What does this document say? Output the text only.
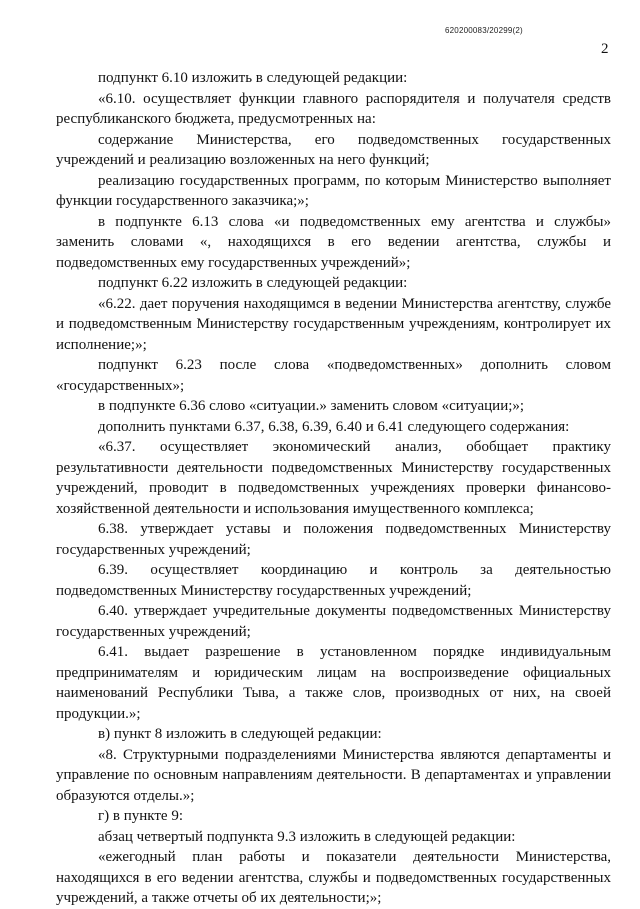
620200083/20299(2)
2

подпункт 6.10 изложить в следующей редакции:

«6.10. осуществляет функции главного распорядителя и получателя средств республиканского бюджета, предусмотренных на:

содержание Министерства, его подведомственных государственных учреждений и реализацию возложенных на него функций;

реализацию государственных программ, по которым Министерство выполняет функции государственного заказчика;»;

в подпункте 6.13 слова «и подведомственных ему агентства и службы» заменить словами «, находящихся в его ведении агентства, службы и подведомственных ему государственных учреждений»;

подпункт 6.22 изложить в следующей редакции:

«6.22. дает поручения находящимся в ведении Министерства агентству, службе и подведомственным Министерству государственным учреждениям, контролирует их исполнение;»;

подпункт 6.23 после слова «подведомственных» дополнить словом «государственных»;

в подпункте 6.36 слово «ситуации.» заменить словом «ситуации;»;

дополнить пунктами 6.37, 6.38, 6.39, 6.40 и 6.41 следующего содержания:

«6.37. осуществляет экономический анализ, обобщает практику результативности деятельности подведомственных Министерству государственных учреждений, проводит в подведомственных учреждениях проверки финансово-хозяйственной деятельности и использования имущественного комплекса;

6.38. утверждает уставы и положения подведомственных Министерству государственных учреждений;

6.39. осуществляет координацию и контроль за деятельностью подведомственных Министерству государственных учреждений;

6.40. утверждает учредительные документы подведомственных Министерству государственных учреждений;

6.41. выдает разрешение в установленном порядке индивидуальным предпринимателям и юридическим лицам на воспроизведение официальных наименований Республики Тыва, а также слов, производных от них, на своей продукции.»;

в) пункт 8 изложить в следующей редакции:

«8. Структурными подразделениями Министерства являются департаменты и управление по основным направлениям деятельности. В департаментах и управлении образуются отделы.»;

г) в пункте 9:

абзац четвертый подпункта 9.3 изложить в следующей редакции:

«ежегодный план работы и показатели деятельности Министерства, находящихся в его ведении агентства, службы и подведомственных государственных учреждений, а также отчеты об их деятельности;»;
